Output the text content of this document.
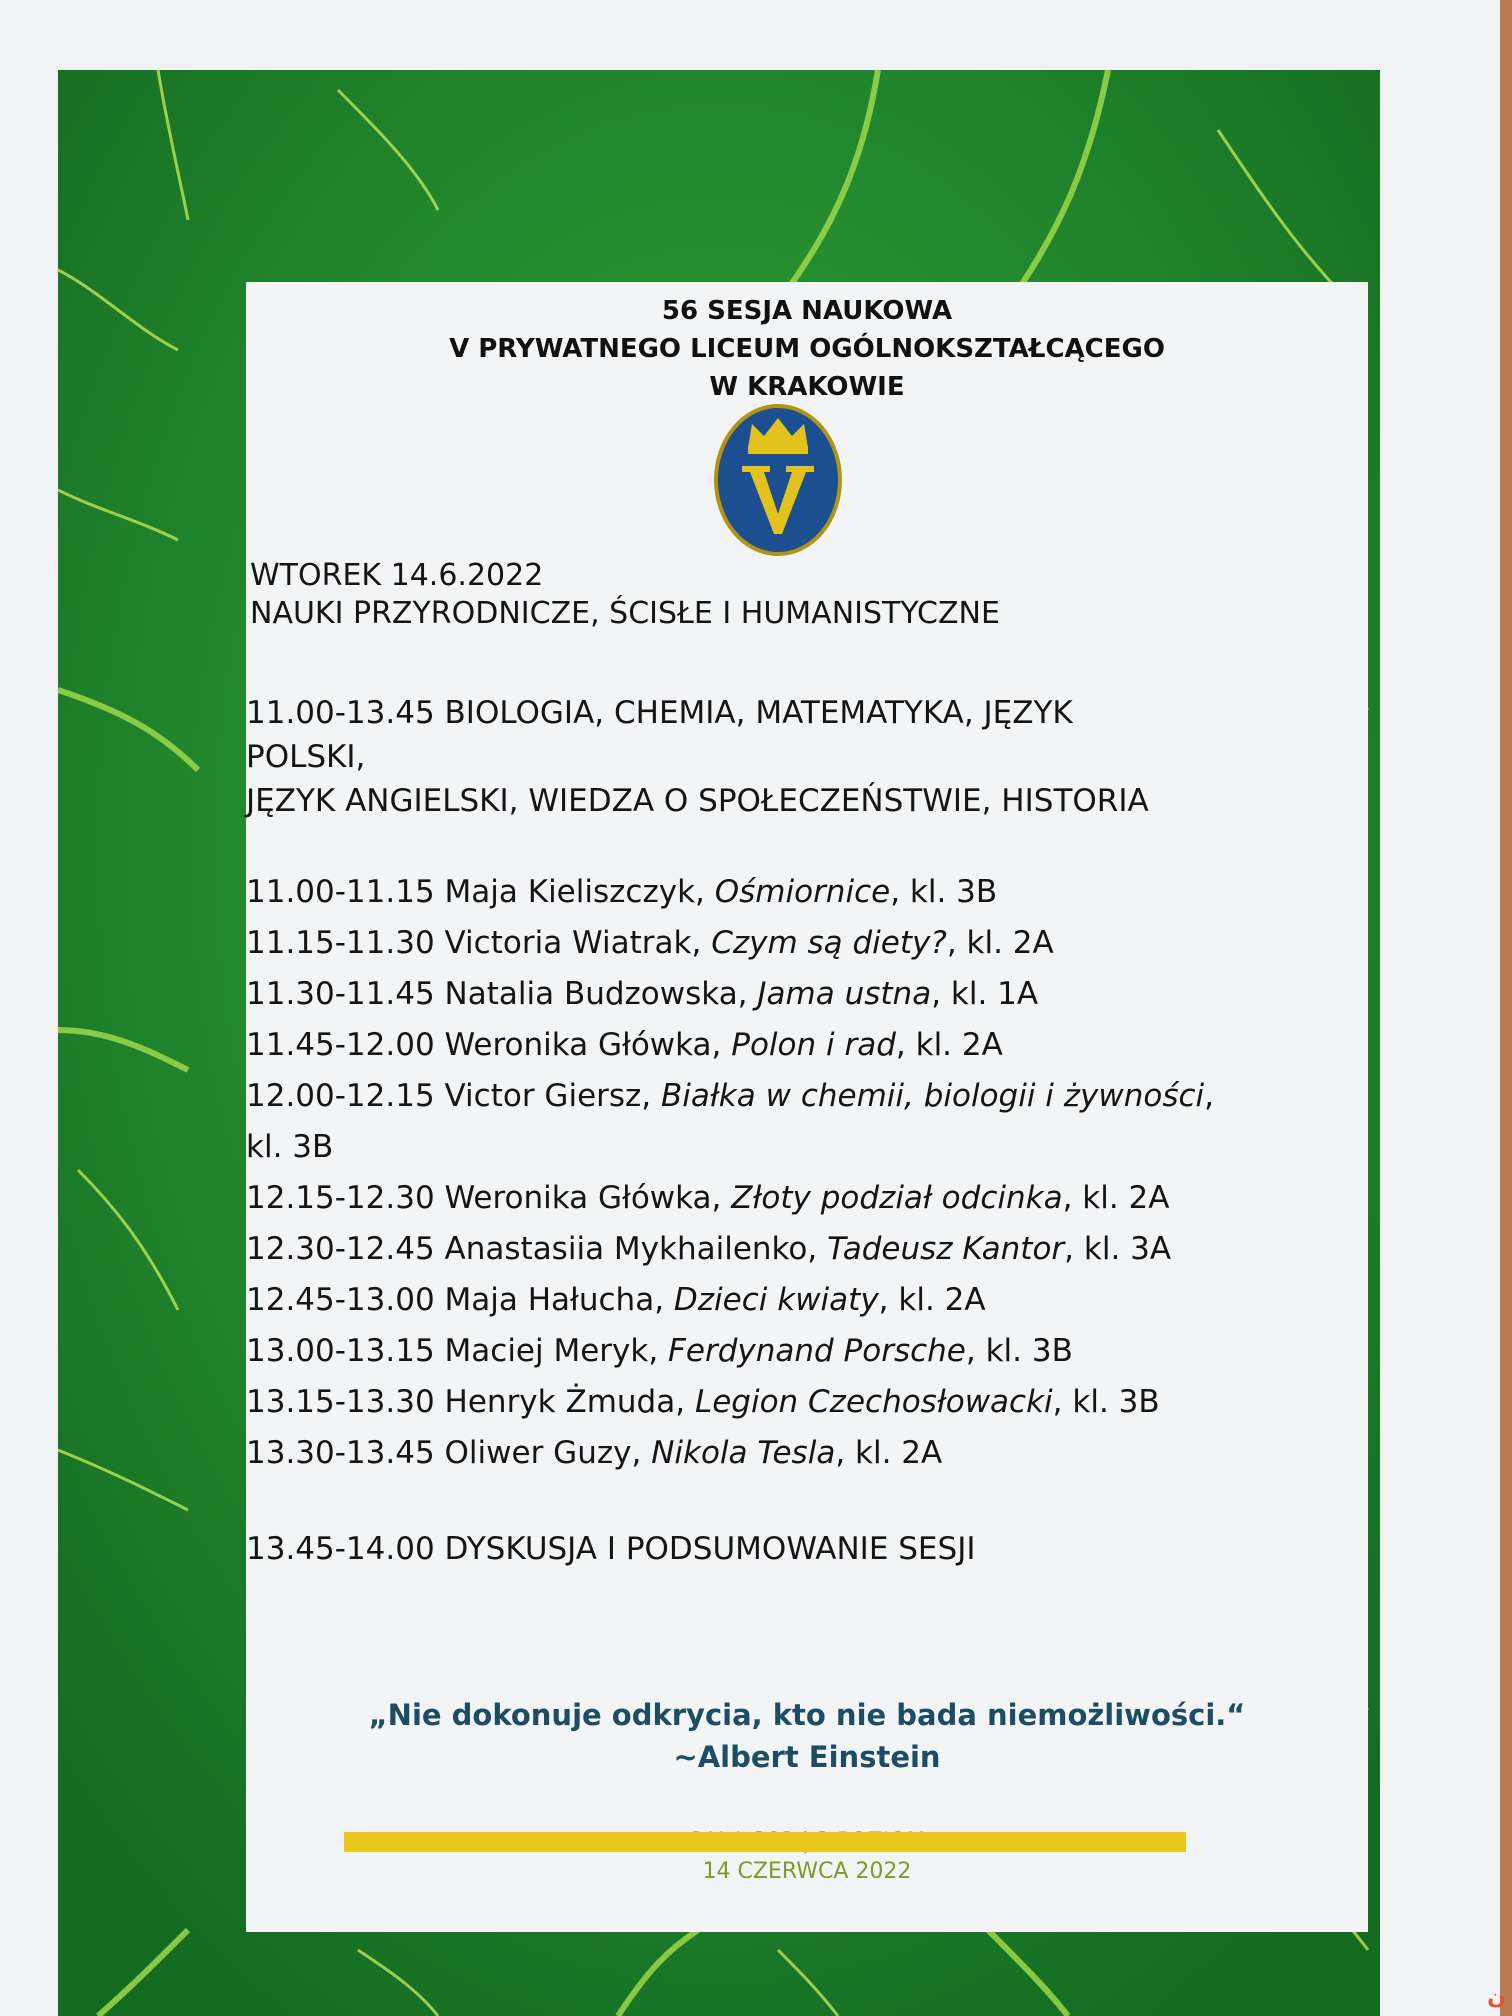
56 SESJA NAUKOWA
V PRYWATNEGO LICEUM OGÓLNOKSZTAŁCĄCEGO
W KRAKOWIE
WTOREK 14.6.2022
NAUKI PRZYRODNICZE, ŚCISŁE I HUMANISTYCZNE
11.00-13.45 BIOLOGIA, CHEMIA, MATEMATYKA, JĘZYK
POLSKI,
JĘZYK ANGIELSKI, WIEDZA O SPOŁECZEŃSTWIE, HISTORIA
11.00-11.15 Maja Kieliszczyk, Ośmiornice, kl. 3B
11.15-11.30 Victoria Wiatrak, Czym są diety?, kl. 2A
11.30-11.45 Natalia Budzowska, Jama ustna, kl. 1A
11.45-12.00 Weronika Główka, Polon i rad, kl. 2A
12.00-12.15 Victor Giersz, Białka w chemii, biologii i żywności,
kl. 3B
12.15-12.30 Weronika Główka, Złoty podział odcinka, kl. 2A
12.30-12.45 Anastasiia Mykhailenko, Tadeusz Kantor, kl. 3A
12.45-13.00 Maja Hałucha, Dzieci kwiaty, kl. 2A
13.00-13.15 Maciej Meryk, Ferdynand Porsche, kl. 3B
13.15-13.30 Henryk Żmuda, Legion Czechosłowacki, kl. 3B
13.30-13.45 Oliwer Guzy, Nikola Tesla, kl. 2A
13.45-14.00 DYSKUSJA I PODSUMOWANIE SESJI
„Nie dokonuje odkrycia, kto nie bada niemożliwości.“
~Albert Einstein
14 CZERWCA 2022
ن
